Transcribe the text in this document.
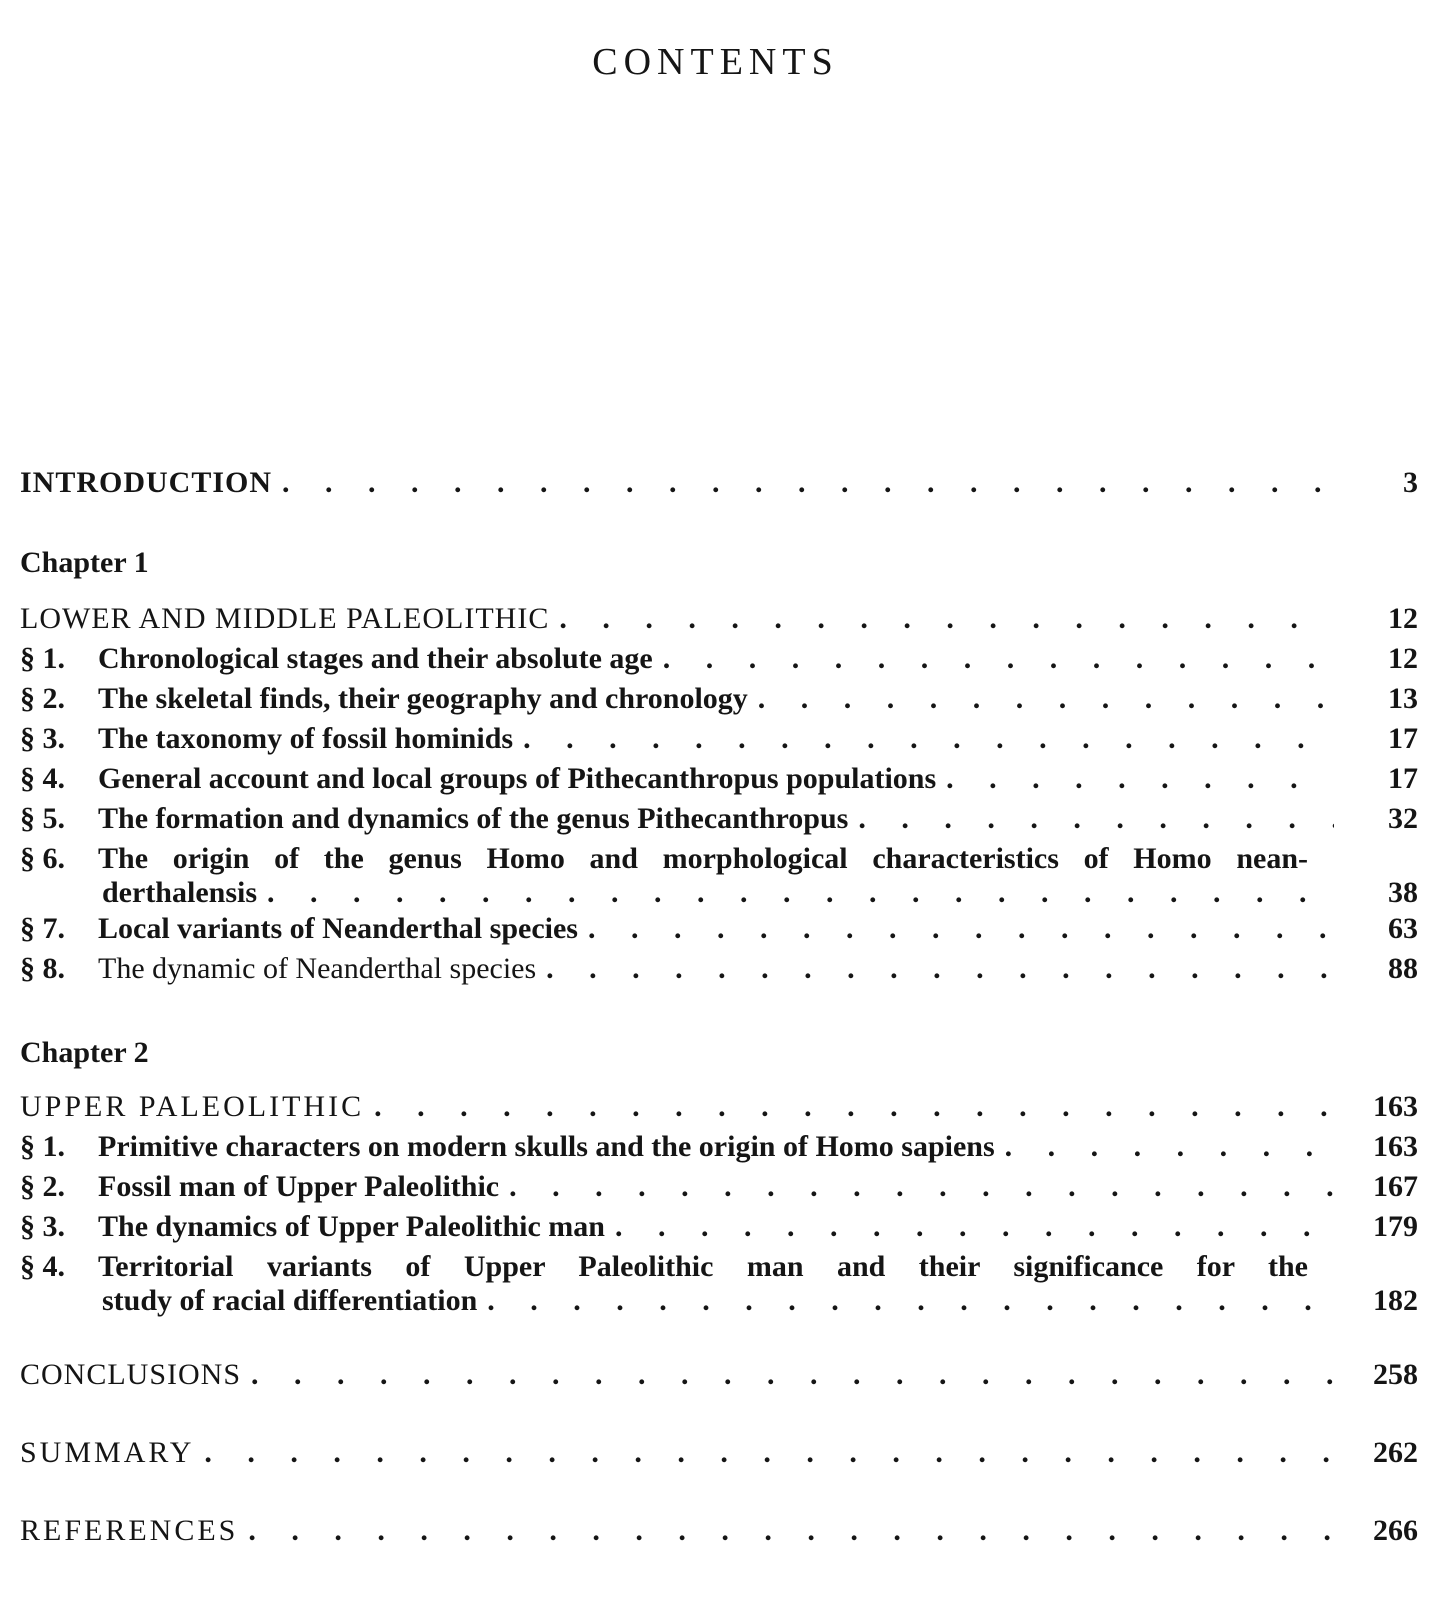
CONTENTS
INTRODUCTION . . .	3
Chapter 1
LOWER AND MIDDLE PALEOLITHIC . . .	12
§ 1. Chronological stages and their absolute age . . .	12
§ 2. The skeletal finds, their geography and chronology . . .	13
§ 3. The taxonomy of fossil hominids . . .	17
§ 4. General account and local groups of Pithecanthropus populations . . .	17
§ 5. The formation and dynamics of the genus Pithecanthropus . . .	32
§ 6.	The origin of the genus Homo and morphological characteristics of Homo nean-
derthalensis . . .	38
§ 7. Local variants of Neanderthal species . . .	63
§ 8. The dynamic of Neanderthal species . . .	88
Chapter 2
UPPER PALEOLITHIC . . .	163
§ 1. Primitive characters on modern skulls and the origin of Homo sapiens . . .	163
§ 2. Fossil man of Upper Paleolithic . . .	167
§ 3. The dynamics of Upper Paleolithic man . . .	179
§ 4.	Territorial variants of Upper Paleolithic man and their significance for the
study of racial differentiation . . .	182
CONCLUSIONS . . .	258
SUMMARY . . .	262
REFERENCES . . .	266
